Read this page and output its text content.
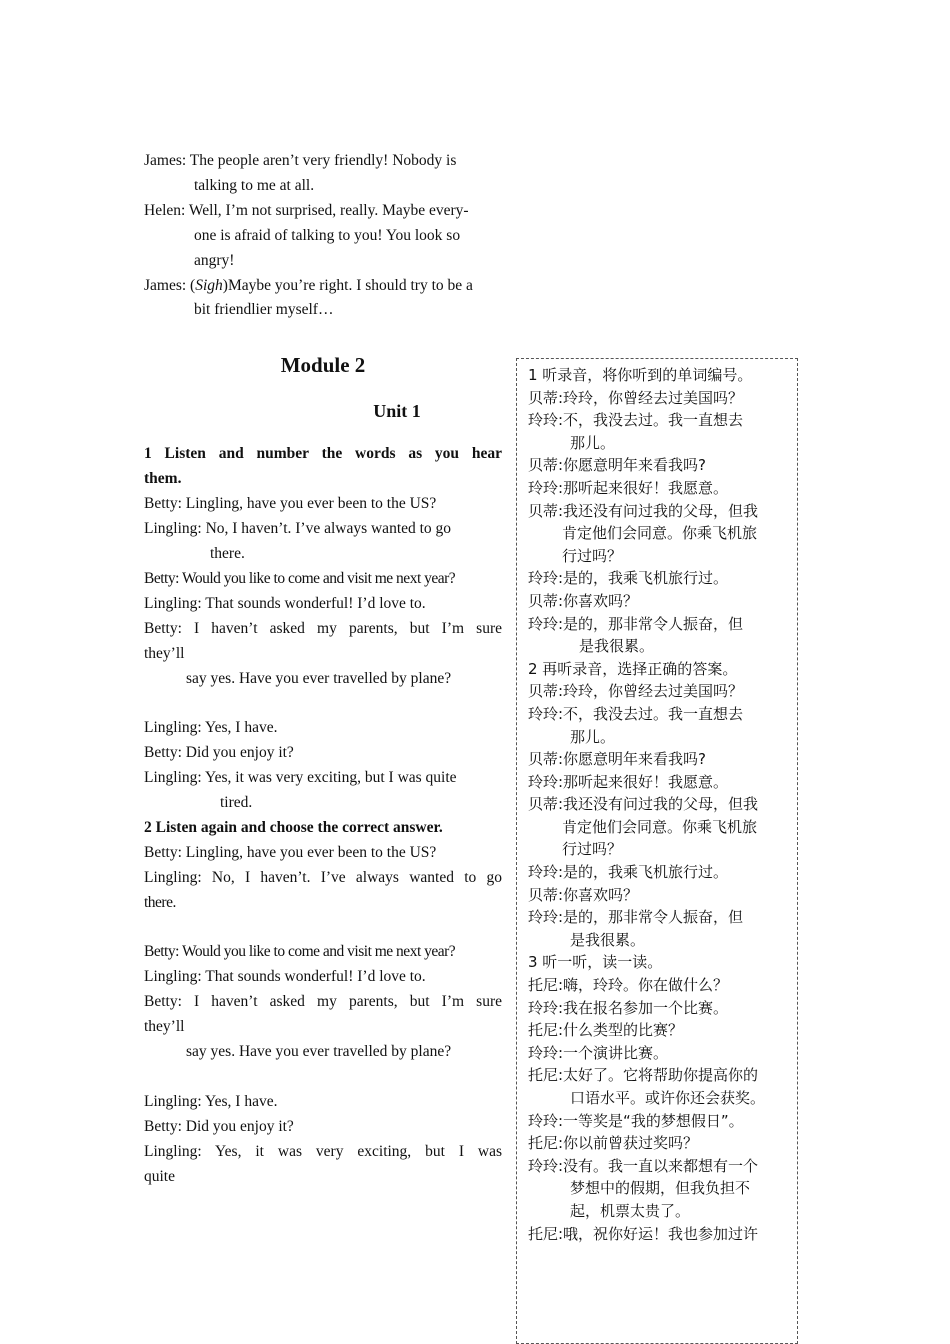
James: The people aren’t very friendly! Nobody is

talking to me at all.

Helen: Well, I’m not surprised, really. Maybe every-

one is afraid of talking to you! You look so

angry!

James: (Sigh)Maybe you’re right. I should try to be a

bit friendlier myself…

Module 2

Unit 1

1 Listen and number the words as you hear

them.

Betty: Lingling, have you ever been to the US?

Lingling: No, I haven’t. I’ve always wanted to go

there.

Betty: Would you like to come and visit me next year?

Lingling: That sounds wonderful! I’d love to.

Betty: I haven’t asked my parents, but I’m sure

they’ll

say yes. Have you ever travelled by plane?

Lingling: Yes, I have.

Betty: Did you enjoy it?

Lingling: Yes, it was very exciting, but I was quite

tired.

2 Listen again and choose the correct answer.

Betty: Lingling, have you ever been to the US?

Lingling: No, I haven’t. I’ve always wanted to go

there.

Betty: Would you like to come and visit me next year?

Lingling: That sounds wonderful! I’d love to.

Betty: I haven’t asked my parents, but I’m sure

they’ll

say yes. Have you ever travelled by plane?

Lingling: Yes, I have.

Betty: Did you enjoy it?

Lingling: Yes, it was very exciting, but I was

quite

1 听录音，将你听到的单词编号。

贝蒂:玲玲，你曾经去过美国吗？

玲玲:不，我没去过。我一直想去

那儿。

贝蒂:你愿意明年来看我吗?

玲玲:那听起来很好！我愿意。

贝蒂:我还没有问过我的父母，但我

肯定他们会同意。你乘飞机旅

行过吗？

玲玲:是的，我乘飞机旅行过。

贝蒂:你喜欢吗？

玲玲:是的，那非常令人振奋，但

是我很累。

2 再听录音，选择正确的答案。

贝蒂:玲玲，你曾经去过美国吗？

玲玲:不，我没去过。我一直想去

那儿。

贝蒂:你愿意明年来看我吗?

玲玲:那听起来很好！我愿意。

贝蒂:我还没有问过我的父母，但我

肯定他们会同意。你乘飞机旅

行过吗？

玲玲:是的，我乘飞机旅行过。

贝蒂:你喜欢吗？

玲玲:是的，那非常令人振奋，但

是我很累。

3 听一听，读一读。

托尼:嗨，玲玲。你在做什么？

玲玲:我在报名参加一个比赛。

托尼:什么类型的比赛？

玲玲:一个演讲比赛。

托尼:太好了。它将帮助你提高你的

口语水平。或许你还会获奖。

玲玲:一等奖是“我的梦想假日”。

托尼:你以前曾获过奖吗？

玲玲:没有。我一直以来都想有一个

梦想中的假期，但我负担不

起，机票太贵了。

托尼:哦，祝你好运！我也参加过许
